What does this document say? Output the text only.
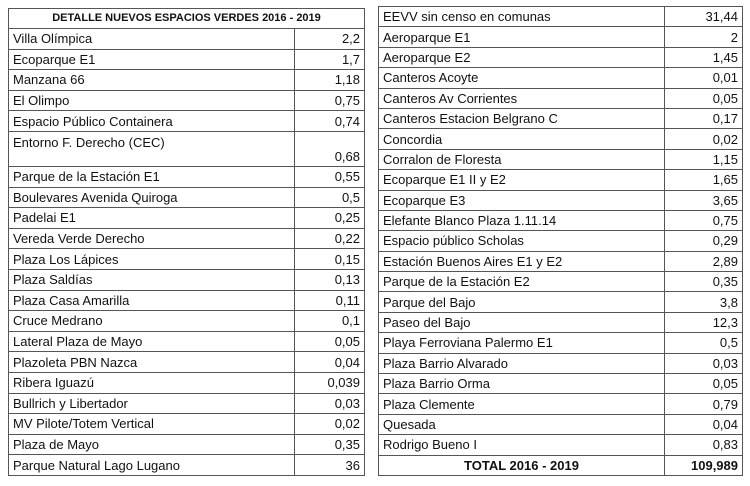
DETALLE NUEVOS ESPACIOS VERDES 2016 - 2019	
Villa Olímpica	2,2
Ecoparque E1	1,7
Manzana 66	1,18
El Olimpo	0,75
Espacio Público Containera	0,74
Entorno F. Derecho (CEC)	0,68
Parque de la Estación E1	0,55
Boulevares Avenida Quiroga	0,5
Padelai E1	0,25
Vereda Verde Derecho	0,22
Plaza Los Lápices	0,15
Plaza Saldías	0,13
Plaza Casa Amarilla	0,11
Cruce Medrano	0,1
Lateral Plaza de Mayo	0,05
Plazoleta PBN Nazca	0,04
Ribera Iguazú	0,039
Bullrich y Libertador	0,03
MV Pilote/Totem Vertical	0,02
Plaza de Mayo	0,35
Parque Natural Lago Lugano	36
EEVV sin censo en comunas	31,44
Aeroparque E1	2
Aeroparque E2	1,45
Canteros Acoyte	0,01
Canteros Av Corrientes	0,05
Canteros Estacion Belgrano C	0,17
Concordia	0,02
Corralon de Floresta	1,15
Ecoparque E1 II y E2	1,65
Ecoparque E3	3,65
Elefante Blanco Plaza 1.11.14	0,75
Espacio público Scholas	0,29
Estación Buenos Aires E1 y E2	2,89
Parque de la Estación E2	0,35
Parque del Bajo	3,8
Paseo del Bajo	12,3
Playa Ferroviana Palermo E1	0,5
Plaza Barrio Alvarado	0,03
Plaza Barrio Orma	0,05
Plaza Clemente	0,79
Quesada	0,04
Rodrigo Bueno I	0,83
TOTAL 2016 - 2019	109,989
